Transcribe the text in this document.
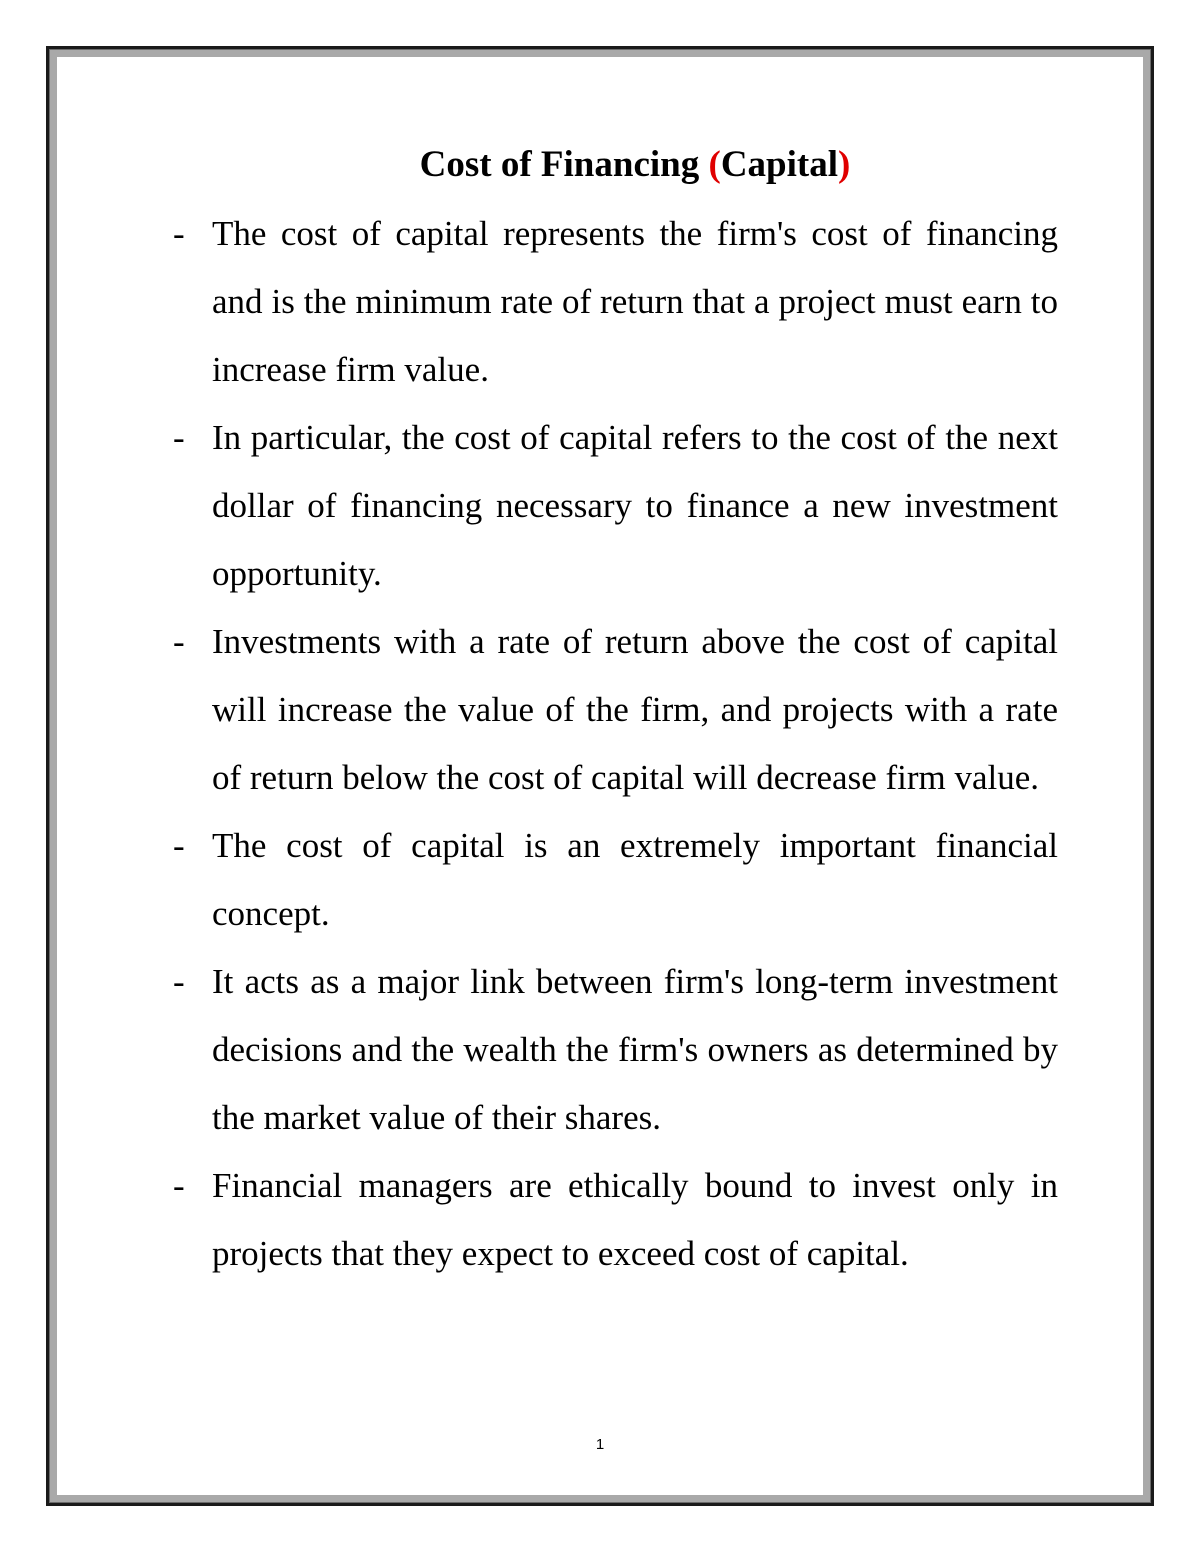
Cost of Financing (Capital)
- The cost of capital represents the firm's cost of financing and is the minimum rate of return that a project must earn to increase firm value.

- In particular, the cost of capital refers to the cost of the next dollar of financing necessary to finance a new investment opportunity.

- Investments with a rate of return above the cost of capital will increase the value of the firm, and projects with a rate of return below the cost of capital will decrease firm value.

- The cost of capital is an extremely important financial concept.

- It acts as a major link between firm's long-term investment decisions and the wealth the firm's owners as determined by the market value of their shares.

- Financial managers are ethically bound to invest only in projects that they expect to exceed cost of capital.

1
